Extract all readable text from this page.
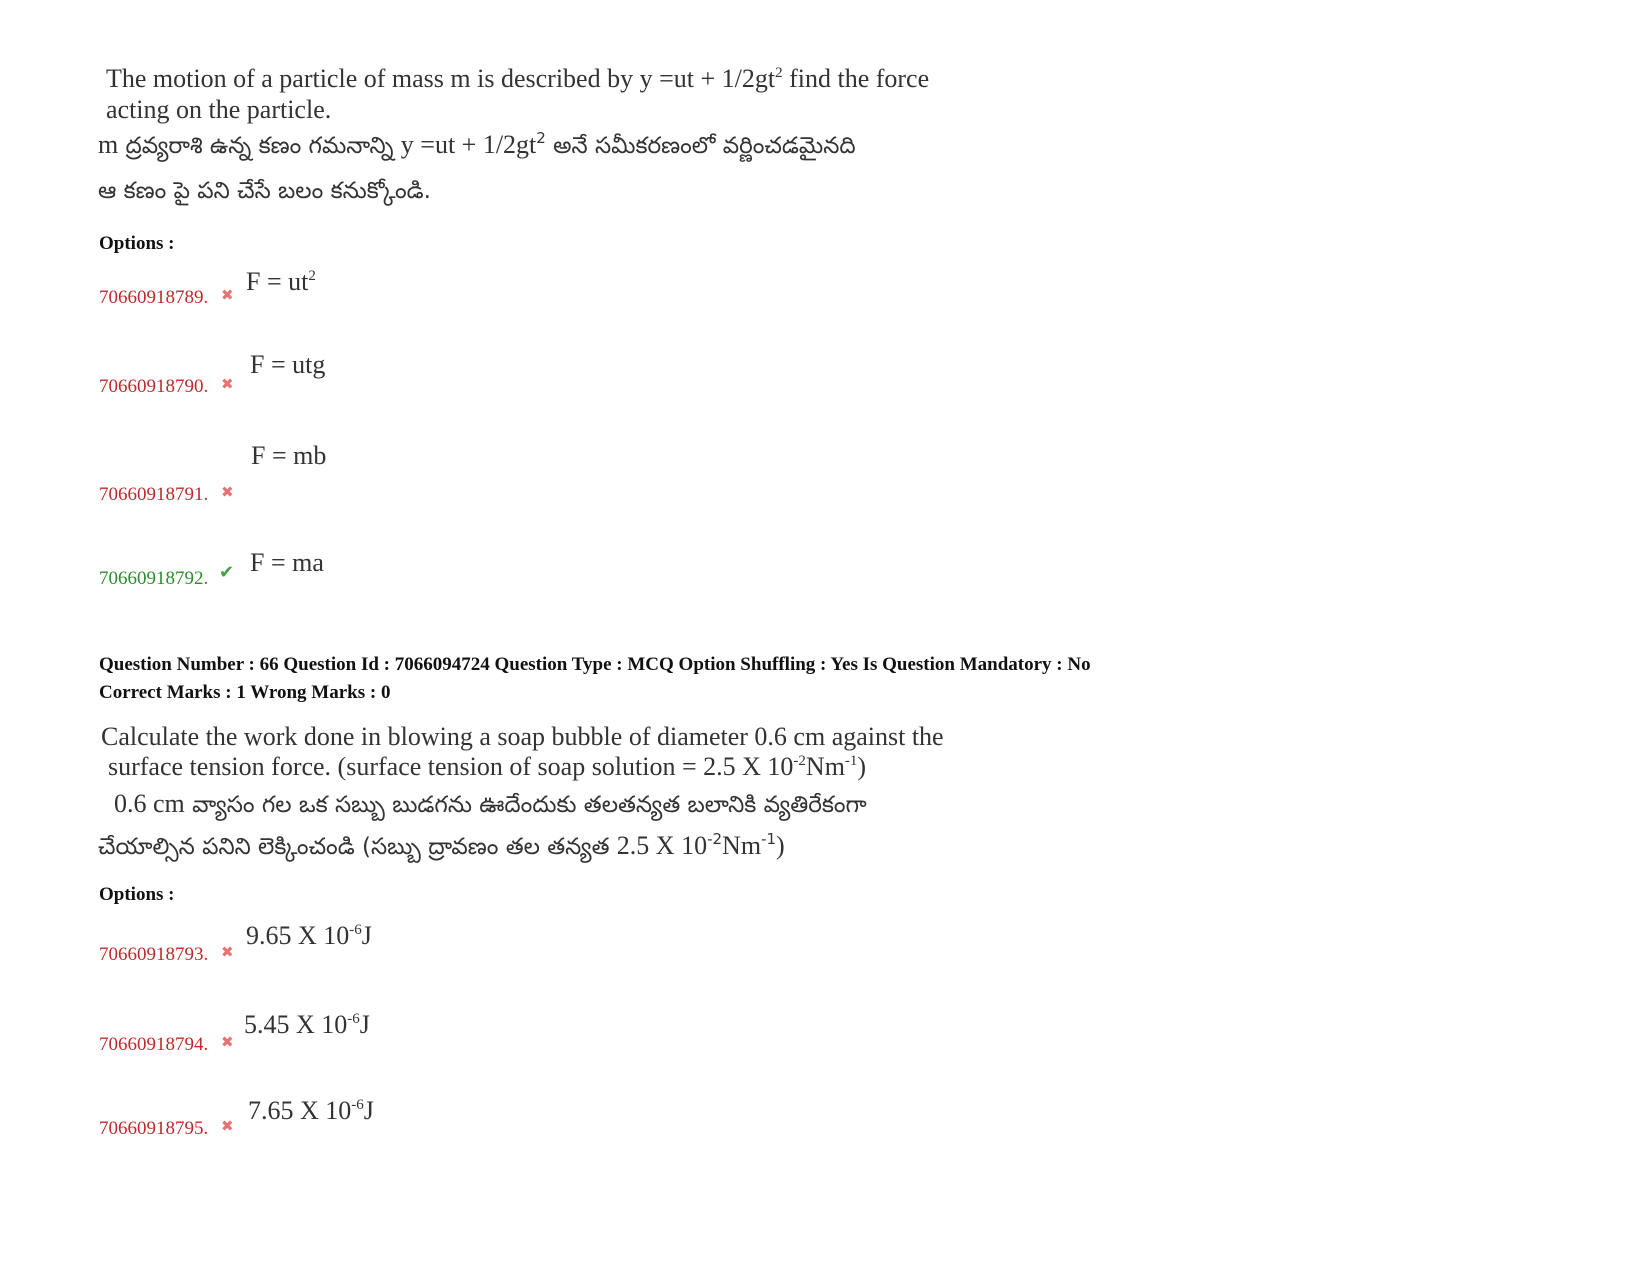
The motion of a particle of mass m is described by $y =ut + 1/2gt^2$ find the force
acting on the particle.
m ద్రవ్యరాశి ఉన్న కణం గమనాన్ని $y =ut + 1/2gt^2$ అనే సమీకరణంలో వర్ణించడమైనది
ఆ కణం పై పని చేసే బలం కనుక్కోండి.
Options :
70660918789. ✖ $F = ut^2$
70660918790. ✖
F = utg
70660918791. ✖
F = mb
70660918792. ✔ F = ma
Question Number : 66 Question Id : 7066094724 Question Type : MCQ Option Shuffling : Yes Is Question Mandatory : No
Correct Marks : 1 Wrong Marks : 0
Calculate the work done in blowing a soap bubble of diameter 0.6 cm against the
surface tension force. (surface tension of soap solution = 2.5 X $10^{-2}Nm^{-1}$)
0.6 cm వ్యాసం గల ఒక సబ్బు బుడగను ఊదేందుకు తలతన్యత బలానికి వ్యతిరేకంగా
చేయాల్సిన పనిని లెక్కించండి (సబ్బు ద్రావణం తల తన్యత 2.5 X $10^{-2}Nm^{-1}$)
Options :
70660918793. ✖
9.65 X $10^{-6}J$
70660918794. ✖
5.45 X $10^{-6}J$
70660918795. ✖
7.65 X $10^{-6}J$
